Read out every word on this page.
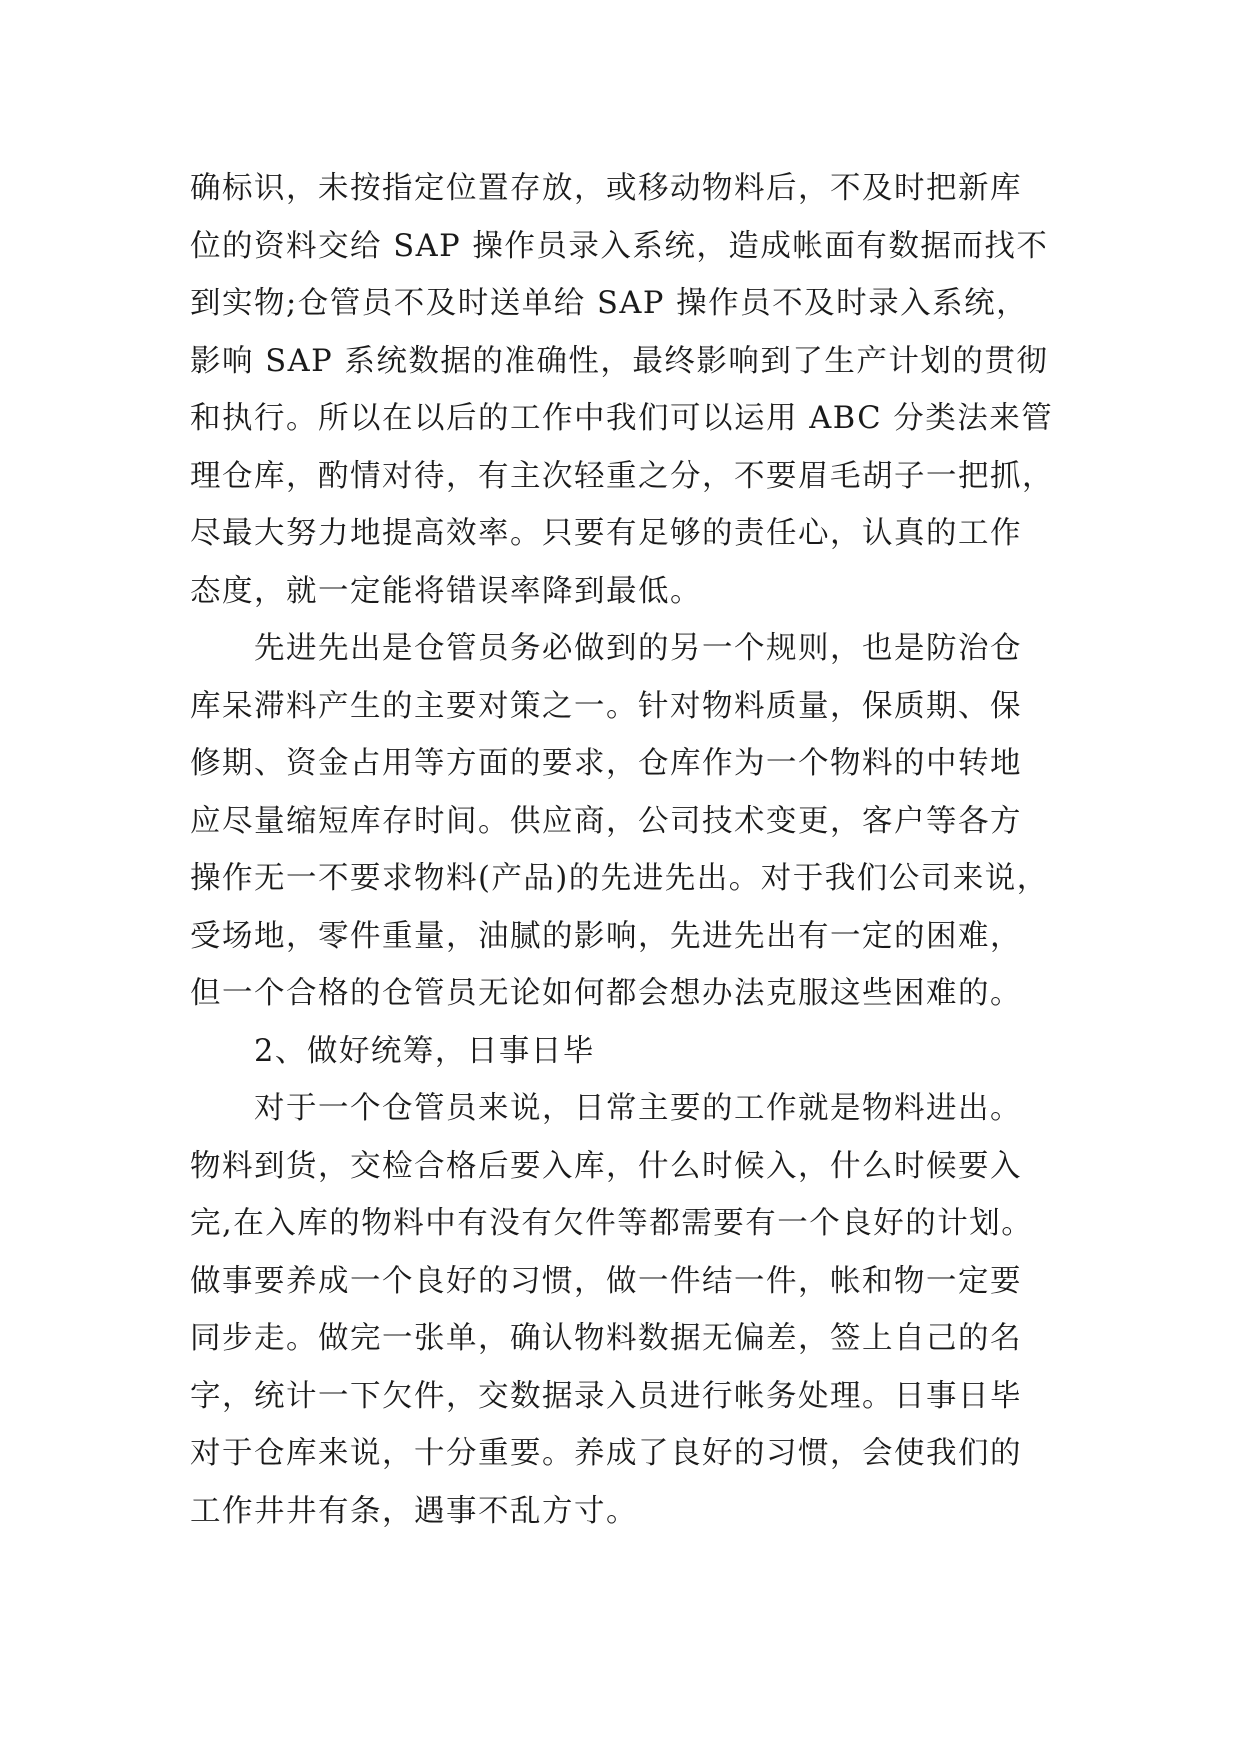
确标识，未按指定位置存放，或移动物料后，不及时把新库
位的资料交给 SAP 操作员录入系统，造成帐面有数据而找不
到实物;仓管员不及时送单给 SAP 操作员不及时录入系统，
影响 SAP 系统数据的准确性，最终影响到了生产计划的贯彻
和执行。所以在以后的工作中我们可以运用 ABC 分类法来管
理仓库，酌情对待，有主次轻重之分，不要眉毛胡子一把抓，
尽最大努力地提高效率。只要有足够的责任心，认真的工作
态度，就一定能将错误率降到最低。
先进先出是仓管员务必做到的另一个规则，也是防治仓
库呆滞料产生的主要对策之一。针对物料质量，保质期、保
修期、资金占用等方面的要求，仓库作为一个物料的中转地
应尽量缩短库存时间。供应商，公司技术变更，客户等各方
操作无一不要求物料(产品)的先进先出。对于我们公司来说，
受场地，零件重量，油腻的影响，先进先出有一定的困难，
但一个合格的仓管员无论如何都会想办法克服这些困难的。
2、做好统筹，日事日毕
对于一个仓管员来说，日常主要的工作就是物料进出。
物料到货，交检合格后要入库，什么时候入，什么时候要入
完,在入库的物料中有没有欠件等都需要有一个良好的计划。
做事要养成一个良好的习惯，做一件结一件，帐和物一定要
同步走。做完一张单，确认物料数据无偏差，签上自己的名
字，统计一下欠件，交数据录入员进行帐务处理。日事日毕
对于仓库来说，十分重要。养成了良好的习惯，会使我们的
工作井井有条，遇事不乱方寸。
